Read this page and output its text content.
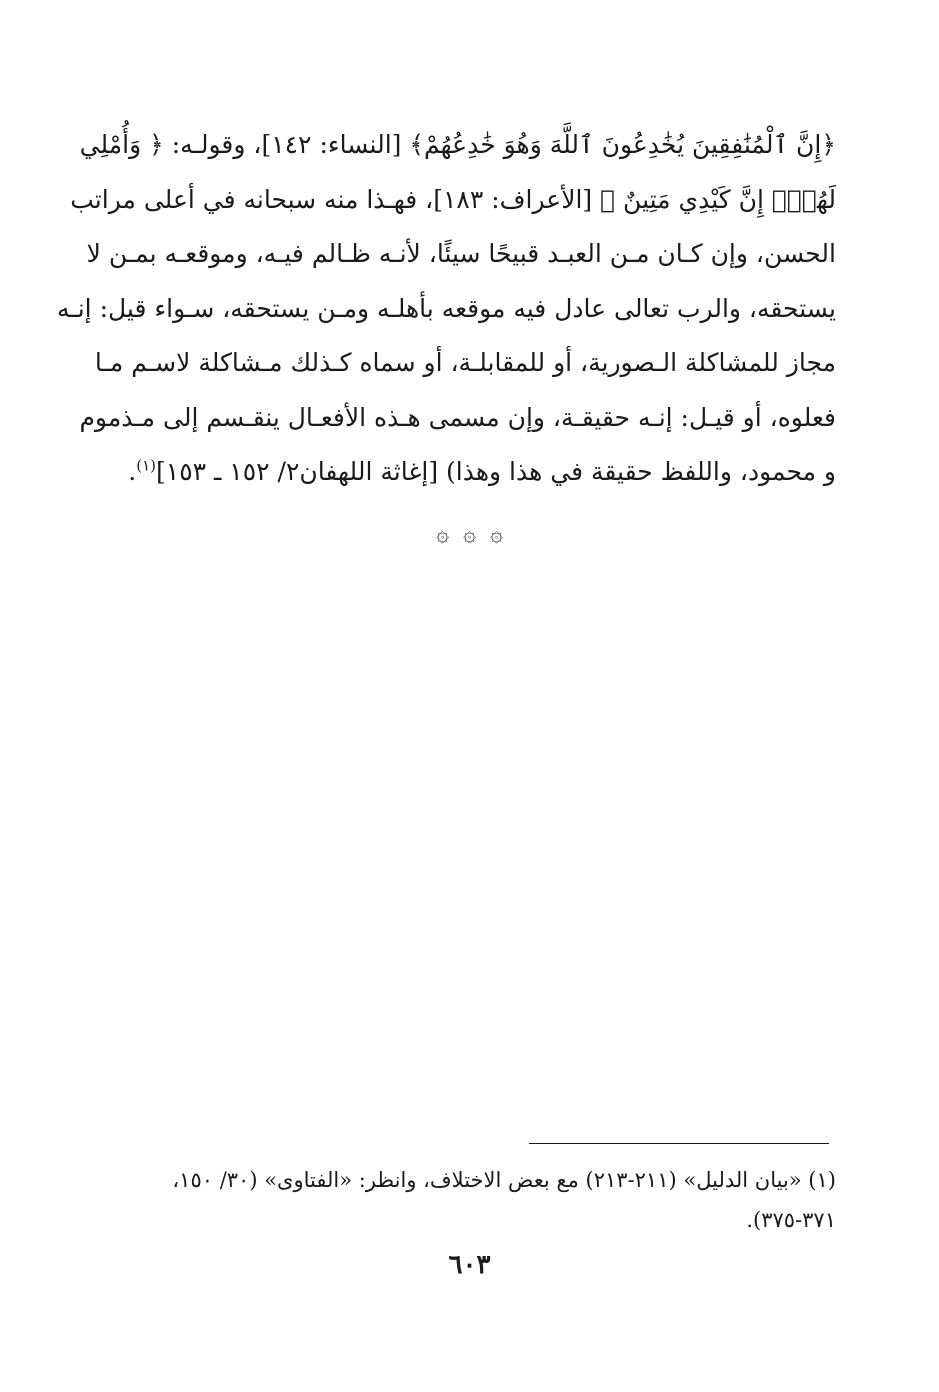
﴿إِنَّ ٱلْمُنَٰفِقِينَ يُخَٰدِعُونَ ٱللَّهَ وَهُوَ خَٰدِعُهُمْ﴾ [النساء: ١٤٢]، وقولـه: ﴿ وَأُمْلِي
لَهُمْۚ إِنَّ كَيْدِي مَتِينٌ ﴾ [الأعراف: ١٨٣]، فهـذا منه سبحانه في أعلى مراتب
الحسن، وإن كـان مـن العبـد قبيحًا سيئًا، لأنـه ظـالم فيـه، وموقعـه بمـن لا
يستحقه، والرب تعالى عادل فيه موقعه بأهلـه ومـن يستحقه، سـواء قيل: إنـه
مجاز للمشاكلة الـصورية، أو للمقابلـة، أو سماه كـذلك مـشاكلة لاسـم مـا
فعلوه، أو قيـل: إنـه حقيقـة، وإن مسمى هـذه الأفعـال ينقـسم إلى مـذموم
و محمود، واللفظ حقيقة في هذا وهذا) [إغاثة اللهفان٢/ ١٥٢ ـ ١٥٣]$^{(١)}$.
۞
۞
۞
(١) «بيان الدليل» (٢١١-٢١٣) مع بعض الاختلاف، وانظر: «الفتاوى» (٣٠/ ١٥٠،
٣٧١-٣٧٥).
٦٠٣
